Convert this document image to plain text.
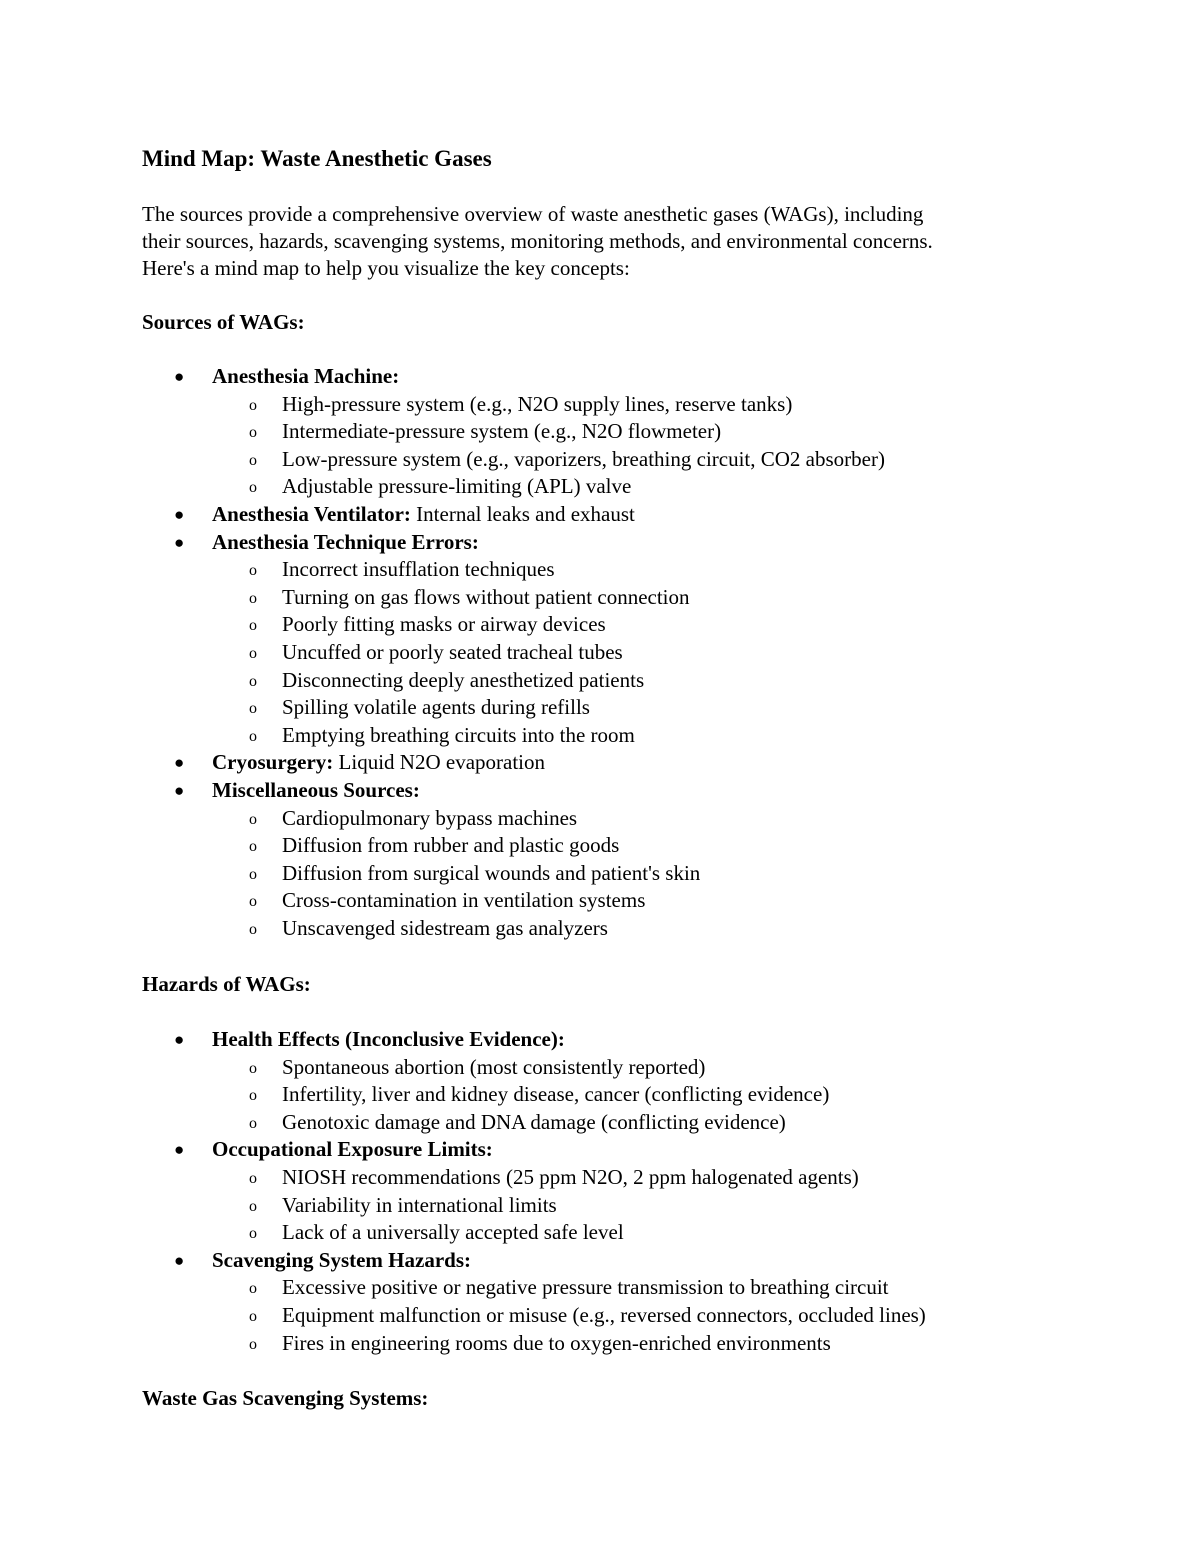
Mind Map: Waste Anesthetic Gases

The sources provide a comprehensive overview of waste anesthetic gases (WAGs), including

their sources, hazards, scavenging systems, monitoring methods, and environmental concerns.

Here's a mind map to help you visualize the key concepts:

Sources of WAGs:
● Anesthesia Machine:
o High-pressure system (e.g., N2O supply lines, reserve tanks)
o Intermediate-pressure system (e.g., N2O flowmeter)
o Low-pressure system (e.g., vaporizers, breathing circuit, CO2 absorber)
o Adjustable pressure-limiting (APL) valve
● Anesthesia Ventilator: Internal leaks and exhaust
● Anesthesia Technique Errors:
o Incorrect insufflation techniques
o Turning on gas flows without patient connection
o Poorly fitting masks or airway devices
o Uncuffed or poorly seated tracheal tubes
o Disconnecting deeply anesthetized patients
o Spilling volatile agents during refills
o Emptying breathing circuits into the room
● Cryosurgery: Liquid N2O evaporation
● Miscellaneous Sources:
o Cardiopulmonary bypass machines
o Diffusion from rubber and plastic goods
o Diffusion from surgical wounds and patient's skin
o Cross-contamination in ventilation systems
o Unscavenged sidestream gas analyzers
Hazards of WAGs:
● Health Effects (Inconclusive Evidence):
o Spontaneous abortion (most consistently reported)
o Infertility, liver and kidney disease, cancer (conflicting evidence)
o Genotoxic damage and DNA damage (conflicting evidence)
● Occupational Exposure Limits:
o NIOSH recommendations (25 ppm N2O, 2 ppm halogenated agents)
o Variability in international limits
o Lack of a universally accepted safe level
● Scavenging System Hazards:
o Excessive positive or negative pressure transmission to breathing circuit
o Equipment malfunction or misuse (e.g., reversed connectors, occluded lines)
o Fires in engineering rooms due to oxygen-enriched environments
Waste Gas Scavenging Systems:
